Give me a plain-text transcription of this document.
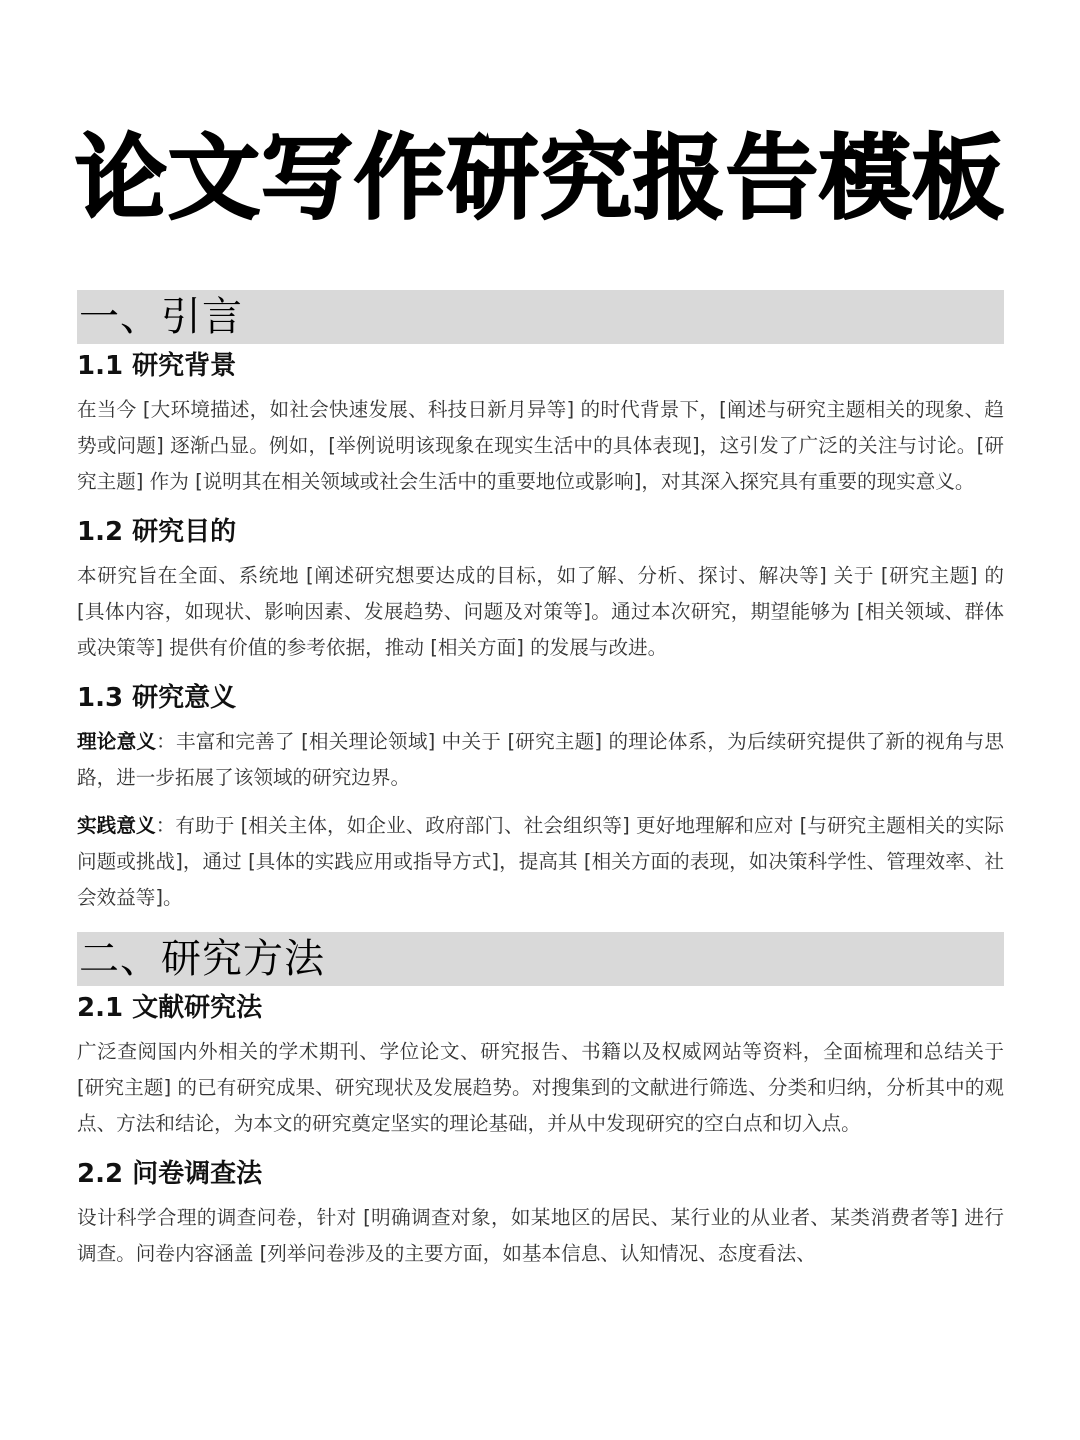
论文写作研究报告模板
一、引言
1.1 研究背景

在当今 [大环境描述，如社会快速发展、科技日新月异等] 的时代背景下，[阐述与研究主题相关的现象、趋势或问题] 逐渐凸显。例如，[举例说明该现象在现实生活中的具体表现]，这引发了广泛的关注与讨论。[研究主题] 作为 [说明其在相关领域或社会生活中的重要地位或影响]，对其深入探究具有重要的现实意义。

1.2 研究目的

本研究旨在全面、系统地 [阐述研究想要达成的目标，如了解、分析、探讨、解决等] 关于 [研究主题] 的 [具体内容，如现状、影响因素、发展趋势、问题及对策等]。通过本次研究，期望能够为 [相关领域、群体或决策等] 提供有价值的参考依据，推动 [相关方面] 的发展与改进。

1.3 研究意义

理论意义：丰富和完善了 [相关理论领域] 中关于 [研究主题] 的理论体系，为后续研究提供了新的视角与思路，进一步拓展了该领域的研究边界。

实践意义：有助于 [相关主体，如企业、政府部门、社会组织等] 更好地理解和应对 [与研究主题相关的实际问题或挑战]，通过 [具体的实践应用或指导方式]，提高其 [相关方面的表现，如决策科学性、管理效率、社会效益等]。

二、研究方法
2.1 文献研究法

广泛查阅国内外相关的学术期刊、学位论文、研究报告、书籍以及权威网站等资料，全面梳理和总结关于 [研究主题] 的已有研究成果、研究现状及发展趋势。对搜集到的文献进行筛选、分类和归纳，分析其中的观点、方法和结论，为本文的研究奠定坚实的理论基础，并从中发现研究的空白点和切入点。

2.2 问卷调查法

设计科学合理的调查问卷，针对 [明确调查对象，如某地区的居民、某行业的从业者、某类消费者等] 进行调查。问卷内容涵盖 [列举问卷涉及的主要方面，如基本信息、认知情况、态度看法、
